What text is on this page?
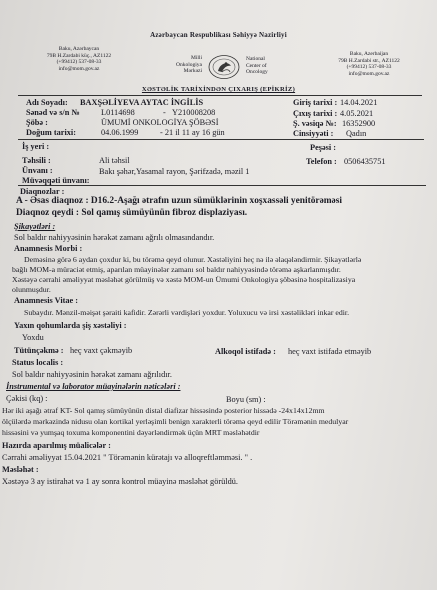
Azərbaycan Respublikası Səhiyyə Nazirliyi
Baku, Azərbaycan
79B H.Zardabi küç., AZ1122
(+99412) 537-08-33
info@mom.gov.az
Milli
Onkologiya
Mərkəzi
National
Center of
Oncology
Baku, Azerbaijan
79B H.Zardabi str., AZ1122
(+99412) 537-08-33
info@mom.gov.az
XƏSTƏLİK TARİXİNDƏN ÇIXARIŞ (EPİKRİZ)
Adı Soyadı: BAXŞƏLİYEVA AYTAC İNGİLİS	Giriş tarixi : 14.04.2021
Sənəd və s/n №	L0114698	- Y210008208	Çıxış tarixi : 4.05.2021
Şöbə :	ÜMUMİ ONKOLOGİYA ŞÖBƏSİ	Ş. vəsiqə №: 16352900
Doğum tarixi:	04.06.1999	- 21 il 11 ay 16 gün	Cinsiyyəti : Qadın
İş yeri :	Peşəsi :
Təhsili :	Ali təhsil	Telefon : 0506435751
Ünvanı :	Bakı şəhər,Yasamal rayon, Şərifzadə, məzil 1
Müvəqqəti ünvanı:
Diaqnozlar :
A - Əsas diaqnoz : D16.2-Aşağı ətrafın uzun sümüklərinin xoşxassəli yenitörəməsi
Diaqnoz qeydi : Sol qamış sümüyünün fibroz displaziyası.
Şikayətləri :
Sol baldır nahiyyəsinin hərəkət zamanı ağrılı olmasındandır.
Anamnesis Morbi :
Deməsinə görə 6 aydan çoxdur ki, bu törəmə qeyd olunur. Xəstəliyini heç nə ilə əlaqələndirmir. Şikayətlərlə
bağlı MOM-a müraciət etmiş, aparılan müayinələr zamanı sol baldır nahiyyəsində törəmə aşkarlanmışdır.
Xəstəyə cərrahi əməliyyat məsləhət görülmüş və xəstə MOM-un Ümumi Onkologiya şöbəsinə hospitalizasiya
olunmuşdur.
Anamnesis Vitae :
Subaydır. Mənzil-məişət şəraiti kafidir. Zərərli vərdişləri yoxdur. Yoluxucu və irsi xəstəlikləri inkar edir.
Yaxın qohumlarda şiş xəstəliyi :
Yoxdu
Tütünçəkmə : heç vaxt çəkməyib	Alkoqol istifadə : heç vaxt istifadə etməyib
Status localis :
Sol baldır nahiyyəsinin hərəkət zamanı ağrılıdır.
İnstrumental və laborator müayinələrin nəticələri :
Çəkisi (kq) :	Boyu (sm) :
Hər iki aşağı ətraf KT- Sol qamış sümüyünün distal diafizar hissəsində posterior hissədə -24x14x12mm
ölçülərdə mərkəzində nidusu olan kortikal yerləşimli benign xarakterli törəmə qeyd edilir Törəmənin medulyar
hissəsini və yumşaq toxuma komponentini dəyərləndirmək üçün MRT məsləhətdir
Hazırda aparılmış müalicələr :
Cərrahi əməliyyat 15.04.2021 " Törəmənin kürətajı və alloqreftləmməsi. " .
Məsləhət :
Xəstəyə 3 ay istirahət və 1 ay sonra kontrol müayinə məsləhət görüldü.
